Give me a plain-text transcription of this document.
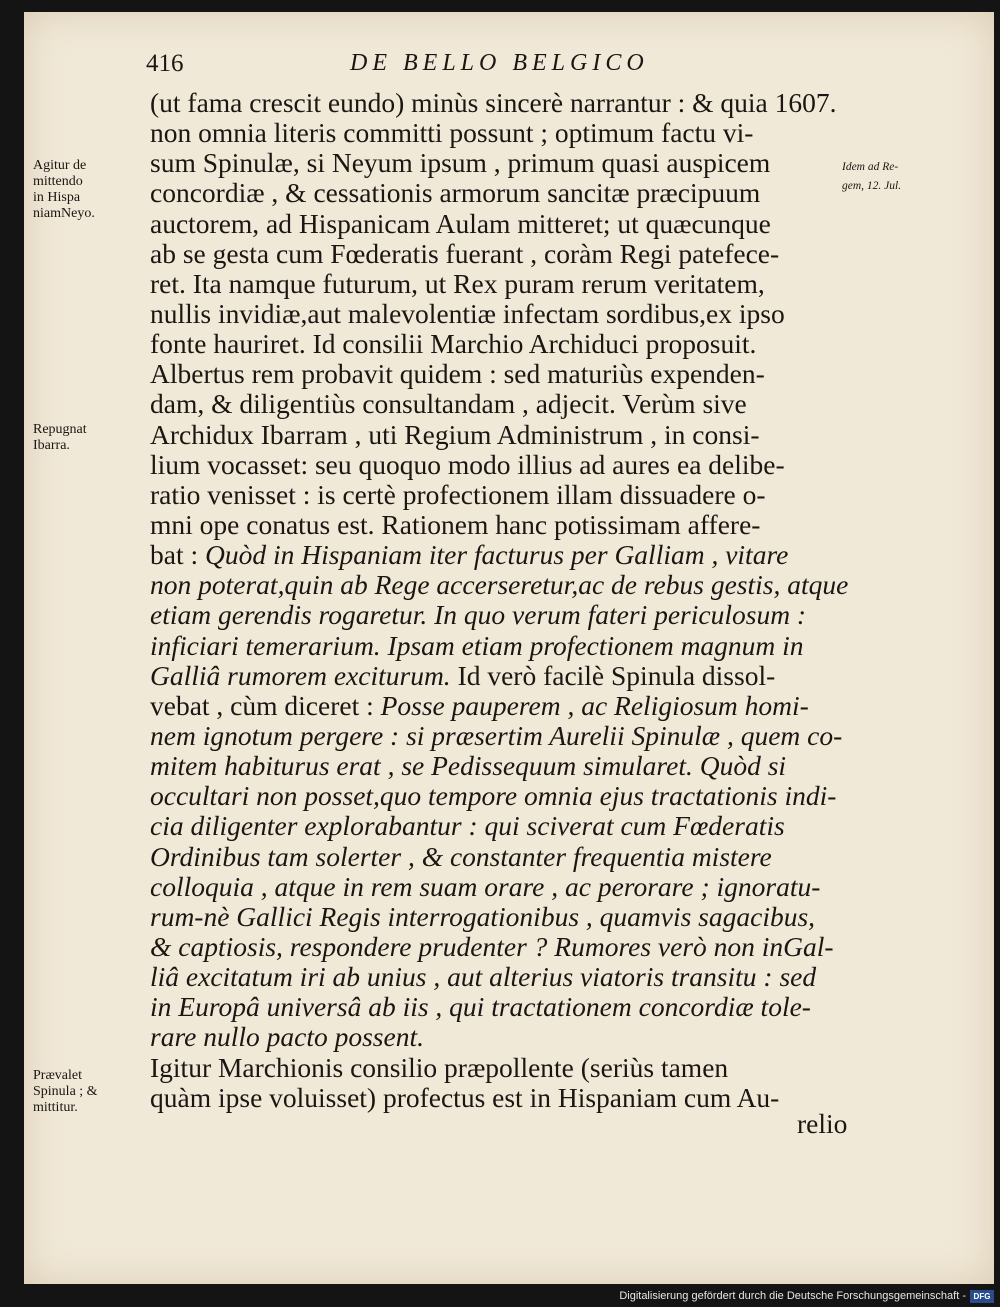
416	DE BELLO BELGICO
(ut fama crescit eundo) minùs sincerè narrantur : & quia 1607.
non omnia literis committi possunt ; optimum factu vi-
sum Spinulæ, si Neyum ipsum , primum quasi auspicem
concordiæ , & cessationis armorum sancitæ præcipuum
auctorem, ad Hispanicam Aulam mitteret; ut quæcunque
ab se gesta cum Fœderatis fuerant , coràm Regi patefece-
ret. Ita namque futurum, ut Rex puram rerum veritatem,
nullis invidiæ,aut malevolentiæ infectam sordibus,ex ipso
fonte hauriret. Id consilii Marchio Archiduci proposuit.
Albertus rem probavit quidem : sed maturiùs expenden-
dam, & diligentiùs consultandam , adjecit. Verùm sive
Archidux Ibarram , uti Regium Administrum , in consi-
lium vocasset: seu quoquo modo illius ad aures ea delibe-
ratio venisset : is certè profectionem illam dissuadere o-
mni ope conatus est. Rationem hanc potissimam affere-
bat : Quòd in Hispaniam iter facturus per Galliam , vitare
non poterat,quin ab Rege accerseretur,ac de rebus gestis, atque
etiam gerendis rogaretur. In quo verum fateri periculosum :
inficiari temerarium. Ipsam etiam profectionem magnum in
Galliâ rumorem exciturum. Id verò facilè Spinula dissol-
vebat , cùm diceret : Posse pauperem , ac Religiosum homi-
nem ignotum pergere : si præsertim Aurelii Spinulæ , quem co-
mitem habiturus erat , se Pedissequum simularet. Quòd si
occultari non posset,quo tempore omnia ejus tractationis indi-
cia diligenter explorabantur : qui sciverat cum Fœderatis
Ordinibus tam solerter , & constanter frequentia mistere
colloquia , atque in rem suam orare , ac perorare ; ignoratu-
rum-nè Gallici Regis interrogationibus , quamvis sagacibus,
& captiosis, respondere prudenter ? Rumores verò non inGal-
liâ excitatum iri ab unius , aut alterius viatoris transitu : sed
in Europâ universâ ab iis , qui tractationem concordiæ tole-
rare nullo pacto possent.
Igitur Marchionis consilio præpollente (seriùs tamen
quàm ipse voluisset) profectus est in Hispaniam cum Au-
Agitur de
mittendo
in Hispa
niamNeyo.
Repugnat
Ibarra.
Prævalet
Spinula ; &
mittitur.
Idem ad Re-
gem, 12. Jul.
relio
Digitalisierung gefördert durch die Deutsche Forschungsgemeinschaft - DFG
